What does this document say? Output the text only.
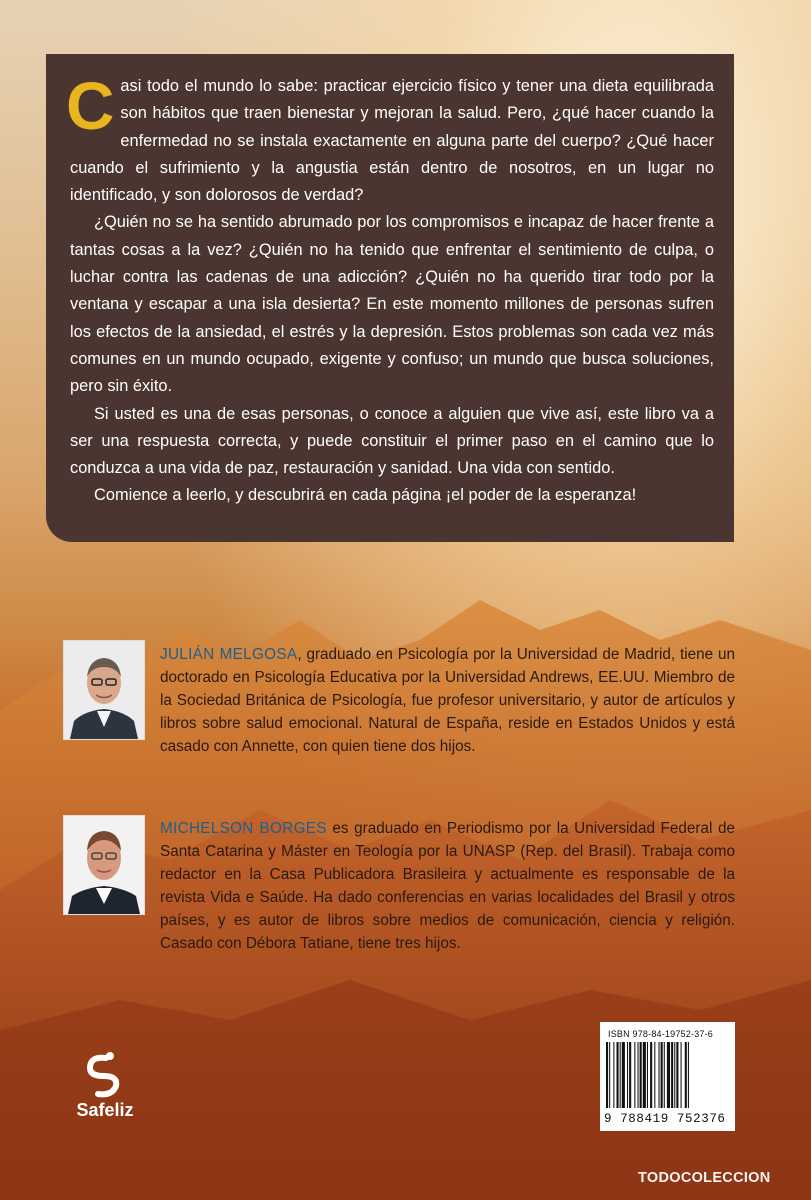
Casi todo el mundo lo sabe: practicar ejercicio físico y tener una dieta equilibrada son hábitos que traen bienestar y mejoran la salud. Pero, ¿qué hacer cuando la enfermedad no se instala exactamente en alguna parte del cuerpo? ¿Qué hacer cuando el sufrimiento y la angustia están dentro de nosotros, en un lugar no identificado, y son dolorosos de verdad?

¿Quién no se ha sentido abrumado por los compromisos e incapaz de hacer frente a tantas cosas a la vez? ¿Quién no ha tenido que enfrentar el sentimiento de culpa, o luchar contra las cadenas de una adicción? ¿Quién no ha querido tirar todo por la ventana y escapar a una isla desierta? En este momento millones de personas sufren los efectos de la ansiedad, el estrés y la depresión. Estos problemas son cada vez más comunes en un mundo ocupado, exigente y confuso; un mundo que busca soluciones, pero sin éxito.

Si usted es una de esas personas, o conoce a alguien que vive así, este libro va a ser una respuesta correcta, y puede constituir el primer paso en el camino que lo conduzca a una vida de paz, restauración y sanidad. Una vida con sentido.

Comience a leerlo, y descubrirá en cada página ¡el poder de la esperanza!

JULIÁN MELGOSA, graduado en Psicología por la Universidad de Madrid, tiene un doctorado en Psicología Educativa por la Universidad Andrews, EE.UU. Miembro de la Sociedad Británica de Psicología, fue profesor universitario, y autor de artículos y libros sobre salud emocional. Natural de España, reside en Estados Unidos y está casado con Annette, con quien tiene dos hijos.
MICHELSON BORGES es graduado en Periodismo por la Universidad Federal de Santa Catarina y Máster en Teología por la UNASP (Rep. del Brasil). Trabaja como redactor en la Casa Publicadora Brasileira y actualmente es responsable de la revista Vida e Saúde. Ha dado conferencias en varias localidades del Brasil y otros países, y es autor de libros sobre medios de comunicación, ciencia y religión. Casado con Débora Tatiane, tiene tres hijos.
Safeliz
ISBN 978-84-19752-37-6
9 788419 752376
TODOCOLECCION
